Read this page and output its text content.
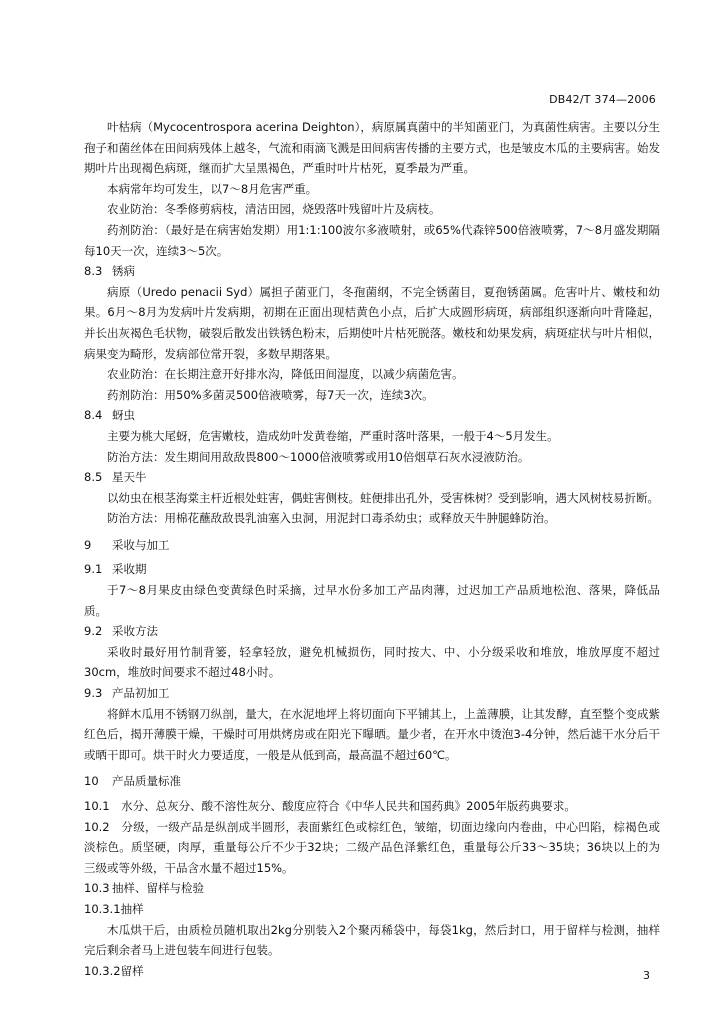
DB42/T 374—2006

叶枯病（Mycocentrospora acerina Deighton），病原属真菌中的半知菌亚门，为真菌性病害。主要以分生孢子和菌丝体在田间病残体上越冬，气流和雨滴飞溅是田间病害传播的主要方式，也是皱皮木瓜的主要病害。始发期叶片出现褐色病斑，继而扩大呈黑褐色，严重时叶片枯死，夏季最为严重。

本病常年均可发生，以7～8月危害严重。

农业防治：冬季修剪病枝，清洁田园，烧毁落叶残留叶片及病枝。

药剂防治：（最好是在病害始发期）用1:1:100波尔多液喷射，或65%代森锌500倍液喷雾，7～8月盛发期隔每10天一次，连续3～5次。

8.3 锈病

病原（Uredo penacii Syd）属担子菌亚门，冬孢菌纲，不完全锈菌目，夏孢锈菌属。危害叶片、嫩枝和幼果。6月～8月为发病叶片发病期，初期在正面出现桔黄色小点，后扩大成圆形病斑，病部组织逐渐向叶背隆起，并长出灰褐色毛状物，破裂后散发出铁锈色粉末，后期使叶片枯死脱落。嫩枝和幼果发病，病斑症状与叶片相似，病果变为畸形，发病部位常开裂，多数早期落果。

农业防治：在长期注意开好排水沟，降低田间湿度，以减少病菌危害。

药剂防治：用50%多菌灵500倍液喷雾，每7天一次，连续3次。

8.4 蚜虫

主要为桃大尾蚜，危害嫩枝，造成幼叶发黄卷缩，严重时落叶落果，一般于4～5月发生。

防治方法：发生期间用敌敌畏800～1000倍液喷雾或用10倍烟草石灰水浸液防治。

8.5 星天牛

以幼虫在根茎海棠主杆近根处蛀害，偶蛀害侧枝。蛀便排出孔外，受害株树？受到影响，遇大风树枝易折断。

防治方法：用棉花蘸敌敌畏乳油塞入虫洞，用泥封口毒杀幼虫；或释放天牛肿腿蜂防治。

9 采收与加工
9.1 采收期

于7～8月果皮由绿色变黄绿色时采摘，过早水份多加工产品肉薄，过迟加工产品质地松泡、落果，降低品质。

9.2 采收方法

采收时最好用竹制背篓，轻拿轻放，避免机械损伤，同时按大、中、小分级采收和堆放，堆放厚度不超过30cm，堆放时间要求不超过48小时。

9.3 产品初加工

将鲜木瓜用不锈钢刀纵剖，量大，在水泥地坪上将切面向下平铺其上，上盖薄膜，让其发酵，直至整个变成紫红色后，揭开薄膜干燥，干燥时可用烘烤房或在阳光下曝晒。量少者，在开水中烫泡3-4分钟，然后滤干水分后干或晒干即可。烘干时火力要适度，一般是从低到高，最高温不超过60℃。

10 产品质量标准

10.1　水分、总灰分、酸不溶性灰分、酸度应符合《中华人民共和国药典》2005年版药典要求。

10.2　分级，一级产品是纵剖成半圆形，表面紫红色或棕红色，皱缩，切面边缘向内卷曲，中心凹陷，棕褐色或淡棕色。质坚硬，肉厚，重量每公斤不少于32块；二级产品色泽紫红色，重量每公斤33～35块；36块以上的为三级或等外级，干品含水量不超过15%。

10.3 抽样、留样与检验
10.3.1抽样

木瓜烘干后，由质检员随机取出2kg分别装入2个聚丙稀袋中，每袋1kg，然后封口，用于留样与检测，抽样完后剩余者马上进包装车间进行包装。

10.3.2留样	3
